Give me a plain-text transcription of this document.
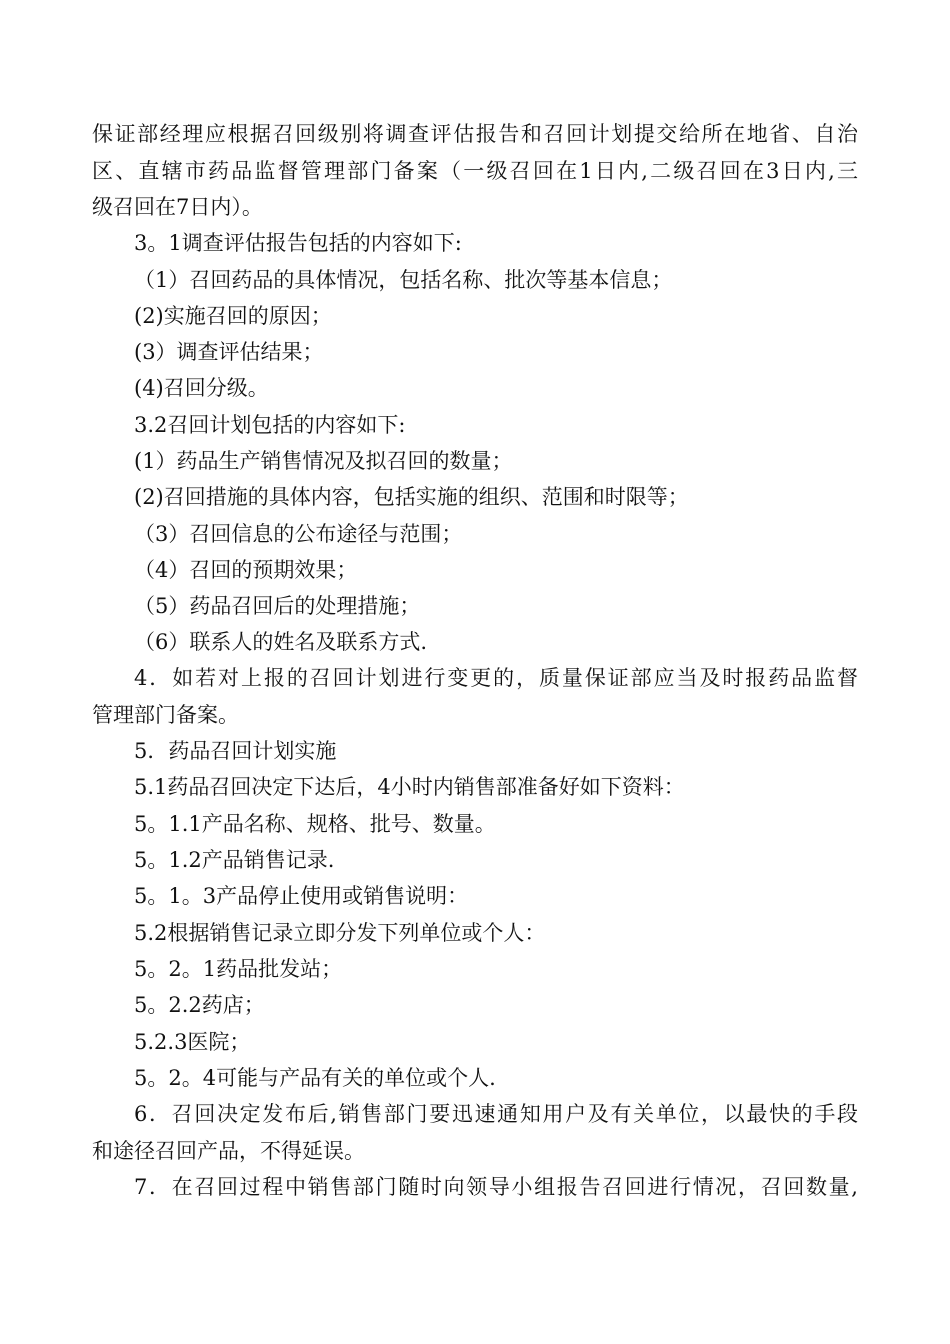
保证部经理应根据召回级别将调查评估报告和召回计划提交给所在地省、自治
区、直辖市药品监督管理部门备案（一级召回在1日内,二级召回在3日内,三
级召回在7日内）。
3。1调查评估报告包括的内容如下:
（1）召回药品的具体情况，包括名称、批次等基本信息；
(2)实施召回的原因；
(3）调查评估结果；
(4)召回分级。
3.2召回计划包括的内容如下:
(1）药品生产销售情况及拟召回的数量；
(2)召回措施的具体内容，包括实施的组织、范围和时限等；
（3）召回信息的公布途径与范围；
（4）召回的预期效果；
（5）药品召回后的处理措施；
（6）联系人的姓名及联系方式.
4．如若对上报的召回计划进行变更的，质量保证部应当及时报药品监督
管理部门备案。
5．药品召回计划实施
5.1药品召回决定下达后，4小时内销售部准备好如下资料：
5。1.1产品名称、规格、批号、数量。
5。1.2产品销售记录.
5。1。3产品停止使用或销售说明：
5.2根据销售记录立即分发下列单位或个人：
5。2。1药品批发站；
5。2.2药店；
5.2.3医院；
5。2。4可能与产品有关的单位或个人.
6．召回决定发布后,销售部门要迅速通知用户及有关单位，以最快的手段
和途径召回产品，不得延误。
7．在召回过程中销售部门随时向领导小组报告召回进行情况，召回数量,
